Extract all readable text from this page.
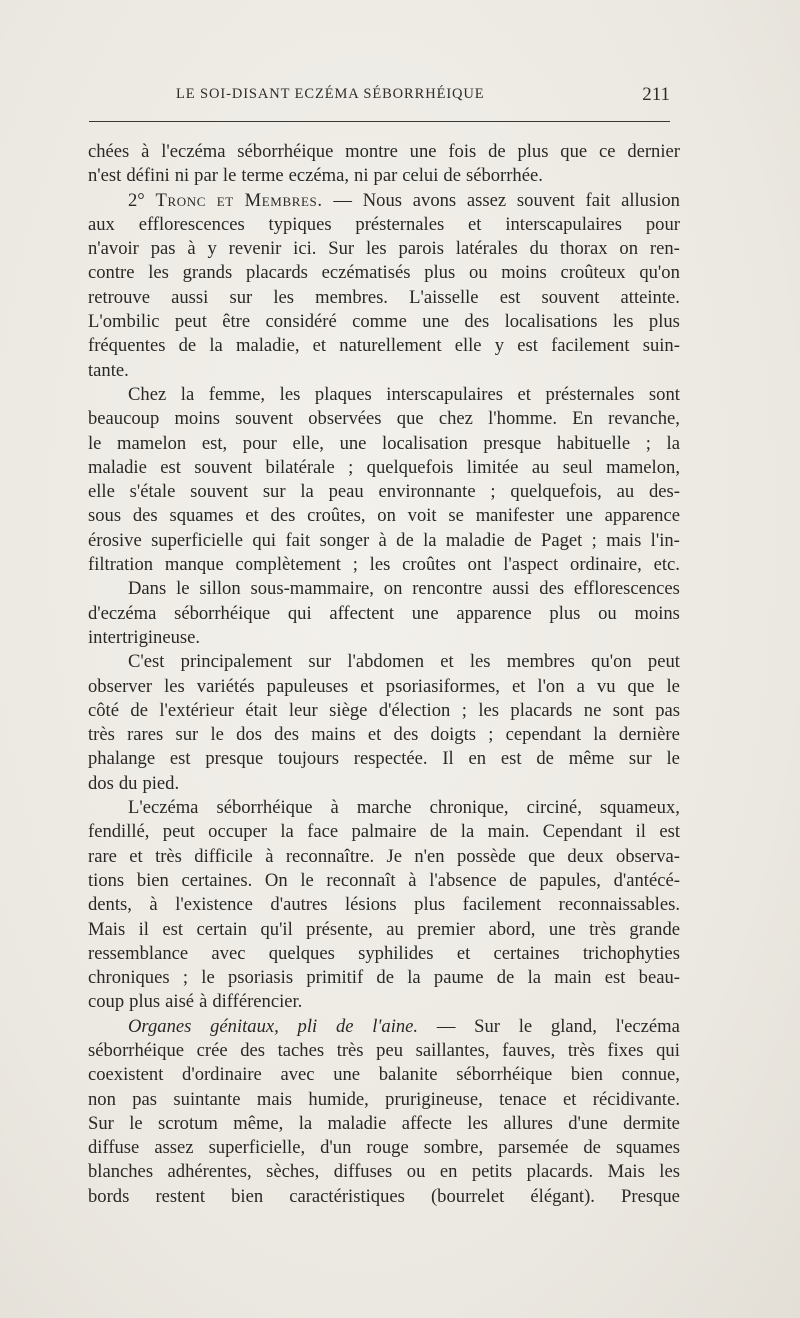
LE SOI-DISANT ECZÉMA SÉBORRHÉIQUE	211
chées à l'eczéma séborrhéique montre une fois de plus que ce dernier
n'est défini ni par le terme eczéma, ni par celui de séborrhée.
2° Tronc et Membres. — Nous avons assez souvent fait allusion
aux efflorescences typiques présternales et interscapulaires pour
n'avoir pas à y revenir ici. Sur les parois latérales du thorax on ren-
contre les grands placards eczématisés plus ou moins croûteux qu'on
retrouve aussi sur les membres. L'aisselle est souvent atteinte.
L'ombilic peut être considéré comme une des localisations les plus
fréquentes de la maladie, et naturellement elle y est facilement suin-
tante.
Chez la femme, les plaques interscapulaires et présternales sont
beaucoup moins souvent observées que chez l'homme. En revanche,
le mamelon est, pour elle, une localisation presque habituelle ; la
maladie est souvent bilatérale ; quelquefois limitée au seul mamelon,
elle s'étale souvent sur la peau environnante ; quelquefois, au des-
sous des squames et des croûtes, on voit se manifester une apparence
érosive superficielle qui fait songer à de la maladie de Paget ; mais l'in-
filtration manque complètement ; les croûtes ont l'aspect ordinaire, etc.
Dans le sillon sous-mammaire, on rencontre aussi des efflorescences
d'eczéma séborrhéique qui affectent une apparence plus ou moins
intertrigineuse.
C'est principalement sur l'abdomen et les membres qu'on peut
observer les variétés papuleuses et psoriasiformes, et l'on a vu que le
côté de l'extérieur était leur siège d'élection ; les placards ne sont pas
très rares sur le dos des mains et des doigts ; cependant la dernière
phalange est presque toujours respectée. Il en est de même sur le
dos du pied.
L'eczéma séborrhéique à marche chronique, circiné, squameux,
fendillé, peut occuper la face palmaire de la main. Cependant il est
rare et très difficile à reconnaître. Je n'en possède que deux observa-
tions bien certaines. On le reconnaît à l'absence de papules, d'antécé-
dents, à l'existence d'autres lésions plus facilement reconnaissables.
Mais il est certain qu'il présente, au premier abord, une très grande
ressemblance avec quelques syphilides et certaines trichophyties
chroniques ; le psoriasis primitif de la paume de la main est beau-
coup plus aisé à différencier.
Organes génitaux, pli de l'aine. — Sur le gland, l'eczéma
séborrhéique crée des taches très peu saillantes, fauves, très fixes qui
coexistent d'ordinaire avec une balanite séborrhéique bien connue,
non pas suintante mais humide, prurigineuse, tenace et récidivante.
Sur le scrotum même, la maladie affecte les allures d'une dermite
diffuse assez superficielle, d'un rouge sombre, parsemée de squames
blanches adhérentes, sèches, diffuses ou en petits placards. Mais les
bords restent bien caractéristiques (bourrelet élégant). Presque
